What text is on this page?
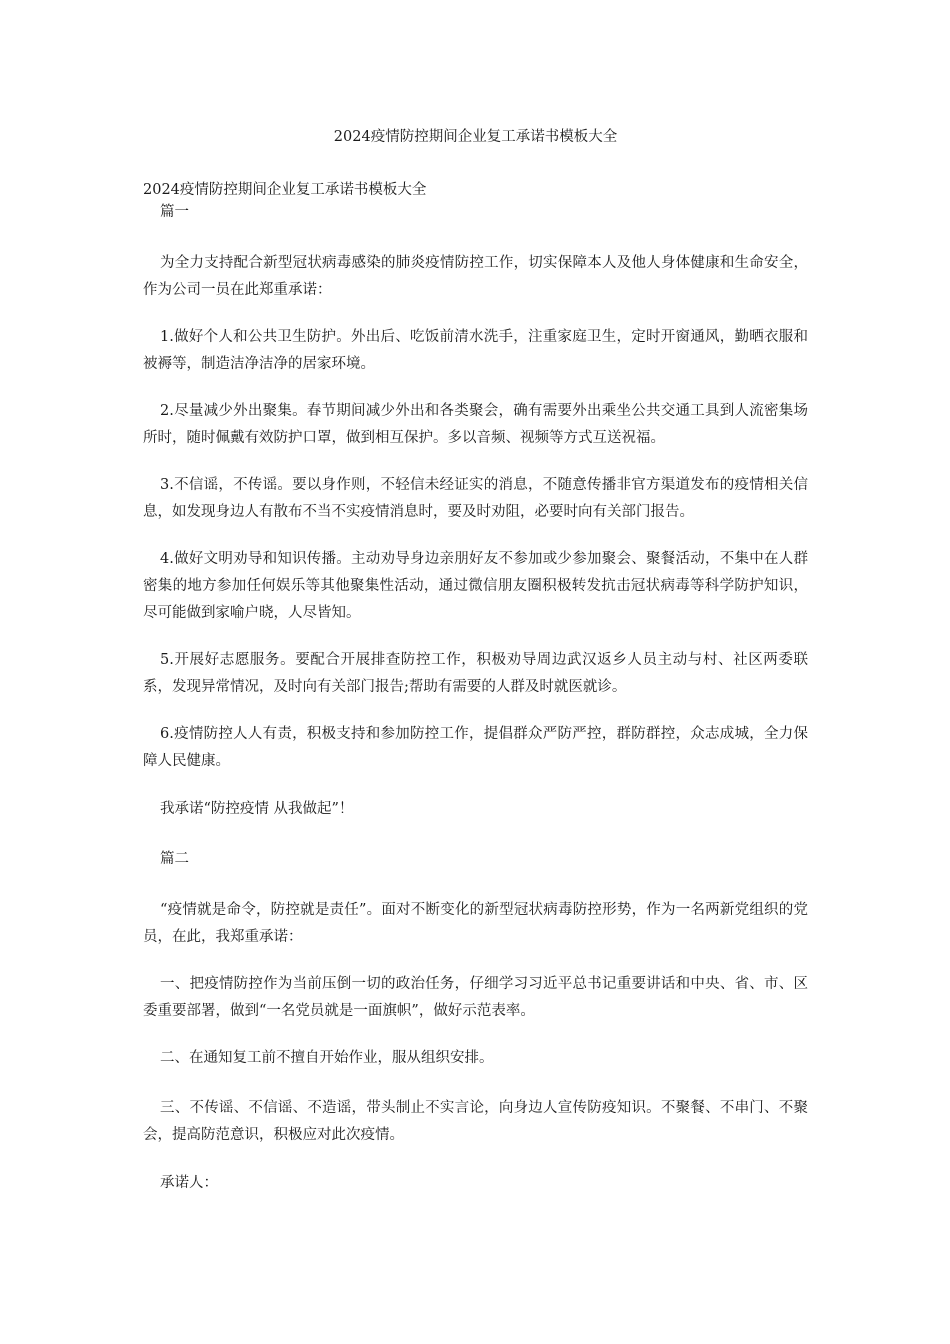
2024疫情防控期间企业复工承诺书模板大全
2024疫情防控期间企业复工承诺书模板大全
篇一
为全力支持配合新型冠状病毒感染的肺炎疫情防控工作，切实保障本人及他人身体健康和生命安全，作为公司一员在此郑重承诺：
1.做好个人和公共卫生防护。外出后、吃饭前清水洗手，注重家庭卫生，定时开窗通风，勤晒衣服和被褥等，制造洁净洁净的居家环境。
2.尽量减少外出聚集。春节期间减少外出和各类聚会，确有需要外出乘坐公共交通工具到人流密集场所时，随时佩戴有效防护口罩，做到相互保护。多以音频、视频等方式互送祝福。
3.不信谣，不传谣。要以身作则，不轻信未经证实的消息，不随意传播非官方渠道发布的疫情相关信息，如发现身边人有散布不当不实疫情消息时，要及时劝阻，必要时向有关部门报告。
4.做好文明劝导和知识传播。主动劝导身边亲朋好友不参加或少参加聚会、聚餐活动，不集中在人群密集的地方参加任何娱乐等其他聚集性活动，通过微信朋友圈积极转发抗击冠状病毒等科学防护知识，尽可能做到家喻户晓，人尽皆知。
5.开展好志愿服务。要配合开展排查防控工作，积极劝导周边武汉返乡人员主动与村、社区两委联系，发现异常情况，及时向有关部门报告;帮助有需要的人群及时就医就诊。
6.疫情防控人人有责，积极支持和参加防控工作，提倡群众严防严控，群防群控，众志成城，全力保障人民健康。
我承诺“防控疫情 从我做起”！
篇二
“疫情就是命令，防控就是责任”。面对不断变化的新型冠状病毒防控形势，作为一名两新党组织的党员，在此，我郑重承诺：
一、把疫情防控作为当前压倒一切的政治任务，仔细学习习近平总书记重要讲话和中央、省、市、区委重要部署，做到“一名党员就是一面旗帜”，做好示范表率。
二、在通知复工前不擅自开始作业，服从组织安排。
三、不传谣、不信谣、不造谣，带头制止不实言论，向身边人宣传防疫知识。不聚餐、不串门、不聚会，提高防范意识，积极应对此次疫情。
承诺人：
